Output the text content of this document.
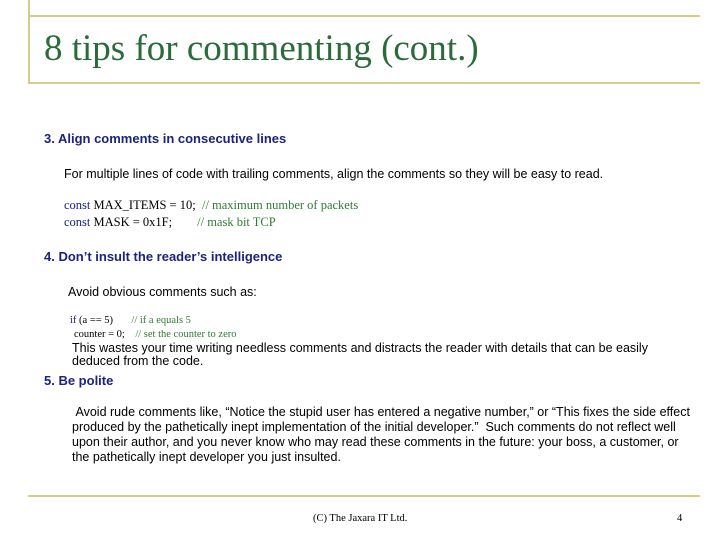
8 tips for commenting (cont.)
3. Align comments in consecutive lines
For multiple lines of code with trailing comments, align the comments so they will be easy to read.
const MAX_ITEMS = 10;  // maximum number of packets
const MASK = 0x1F;        // mask bit TCP
4. Don’t insult the reader’s intelligence
Avoid obvious comments such as:
if (a == 5)       // if a equals 5
counter = 0;    // set the counter to zero
This wastes your time writing needless comments and distracts the reader with details that can be easily deduced from the code.
5. Be polite
Avoid rude comments like, “Notice the stupid user has entered a negative number,” or “This fixes the side effect produced by the pathetically inept implementation of the initial developer.”  Such comments do not reflect well upon their author, and you never know who may read these comments in the future: your boss, a customer, or the pathetically inept developer you just insulted.
(C) The Jaxara IT Ltd.	4
